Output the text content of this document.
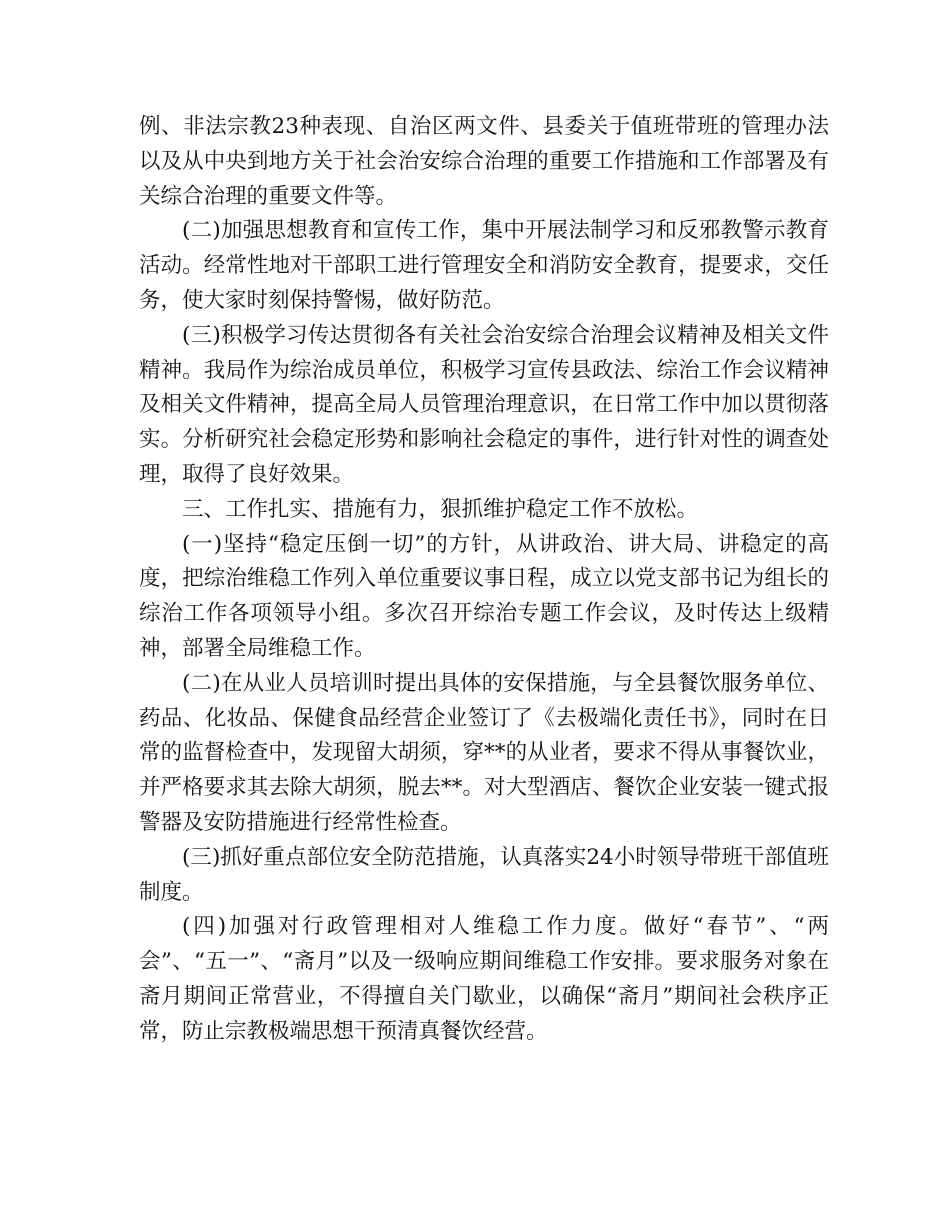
例、非法宗教23种表现、自治区两文件、县委关于值班带班的管理办法以及从中央到地方关于社会治安综合治理的重要工作措施和工作部署及有关综合治理的重要文件等。

(二)加强思想教育和宣传工作，集中开展法制学习和反邪教警示教育活动。经常性地对干部职工进行管理安全和消防安全教育，提要求，交任务，使大家时刻保持警惕，做好防范。

(三)积极学习传达贯彻各有关社会治安综合治理会议精神及相关文件精神。我局作为综治成员单位，积极学习宣传县政法、综治工作会议精神及相关文件精神，提高全局人员管理治理意识，在日常工作中加以贯彻落实。分析研究社会稳定形势和影响社会稳定的事件，进行针对性的调查处理，取得了良好效果。

三、工作扎实、措施有力，狠抓维护稳定工作不放松。

(一)坚持“稳定压倒一切”的方针，从讲政治、讲大局、讲稳定的高度，把综治维稳工作列入单位重要议事日程，成立以党支部书记为组长的综治工作各项领导小组。多次召开综治专题工作会议，及时传达上级精神，部署全局维稳工作。

(二)在从业人员培训时提出具体的安保措施，与全县餐饮服务单位、药品、化妆品、保健食品经营企业签订了《去极端化责任书》，同时在日常的监督检查中，发现留大胡须，穿**的从业者，要求不得从事餐饮业，并严格要求其去除大胡须，脱去**。对大型酒店、餐饮企业安装一键式报警器及安防措施进行经常性检查。

(三)抓好重点部位安全防范措施，认真落实24小时领导带班干部值班制度。

(四)加强对行政管理相对人维稳工作力度。做好“春节”、“两会”、“五一”、“斋月”以及一级响应期间维稳工作安排。要求服务对象在斋月期间正常营业，不得擅自关门歇业，以确保“斋月”期间社会秩序正常，防止宗教极端思想干预清真餐饮经营。
